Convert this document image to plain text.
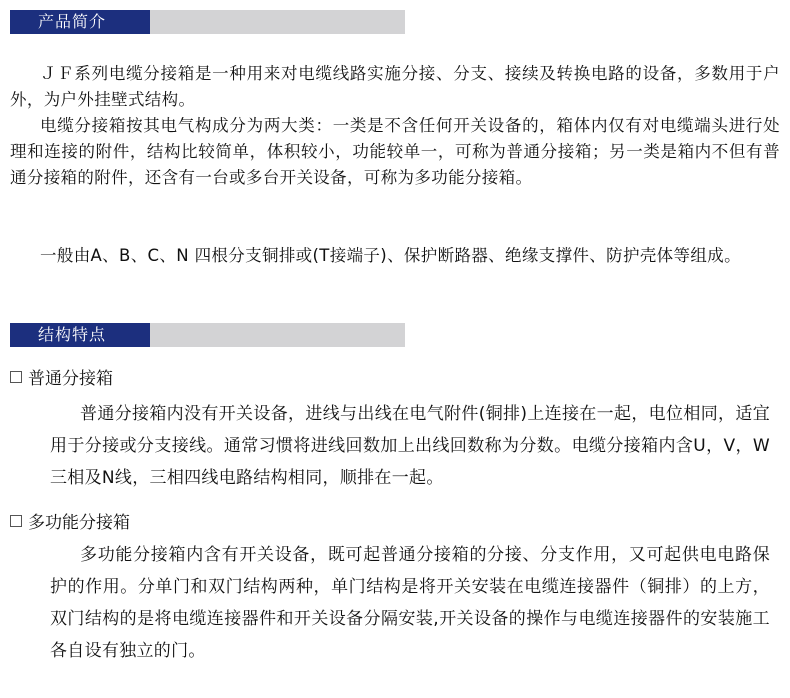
产品简介

ＪＦ系列电缆分接箱是一种用来对电缆线路实施分接、分支、接续及转换电路的设备，多数用于户外，为户外挂壁式结构。

电缆分接箱按其电气构成分为两大类：一类是不含任何开关设备的，箱体内仅有对电缆端头进行处理和连接的附件，结构比较简单，体积较小，功能较单一，可称为普通分接箱；另一类是箱内不但有普通分接箱的附件，还含有一台或多台开关设备，可称为多功能分接箱。

一般由A、B、C、N 四根分支铜排或(T接端子)、保护断路器、绝缘支撑件、防护壳体等组成。

结构特点

普通分接箱

普通分接箱内没有开关设备，进线与出线在电气附件(铜排)上连接在一起，电位相同，适宜用于分接或分支接线。通常习惯将进线回数加上出线回数称为分数。电缆分接箱内含U，V，W三相及N线，三相四线电路结构相同，顺排在一起。

多功能分接箱

多功能分接箱内含有开关设备，既可起普通分接箱的分接、分支作用，又可起供电电路保护的作用。分单门和双门结构两种，单门结构是将开关安装在电缆连接器件（铜排）的上方，双门结构的是将电缆连接器件和开关设备分隔安装,开关设备的操作与电缆连接器件的安装施工各自设有独立的门。
